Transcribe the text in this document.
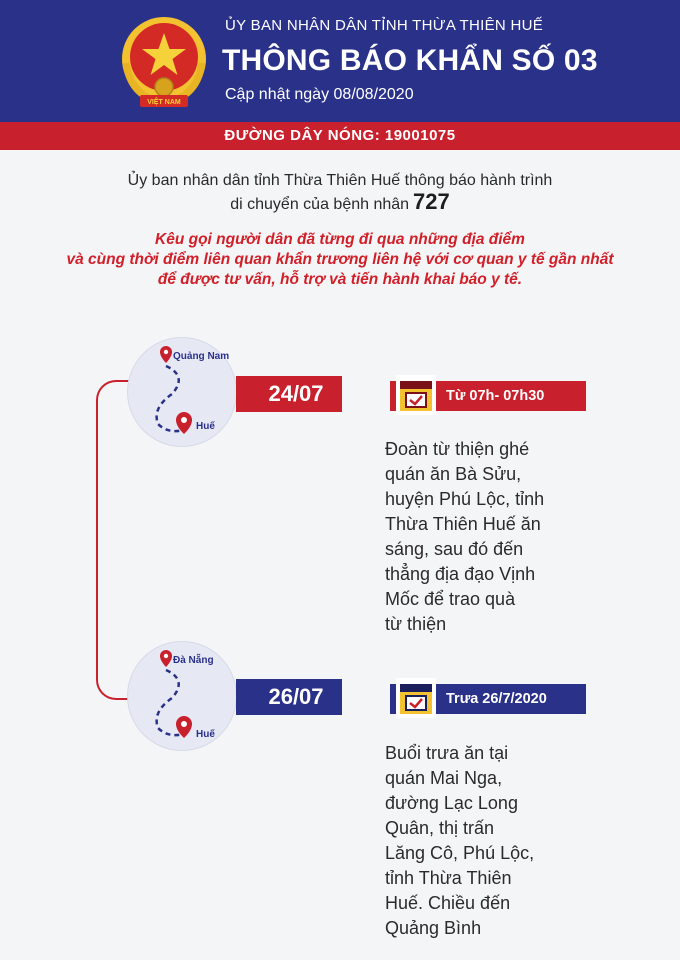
VIỆT NAM
ỦY BAN NHÂN DÂN TỈNH THỪA THIÊN HUẾ
THÔNG BÁO KHẨN SỐ 03
Cập nhật ngày 08/08/2020
ĐƯỜNG DÂY NÓNG: 19001075
Ủy ban nhân dân tỉnh Thừa Thiên Huế thông báo hành trình
di chuyển của bệnh nhân 727
Kêu gọi người dân đã từng đi qua những địa điểm
và cùng thời điểm liên quan khẩn trương liên hệ với cơ quan y tế gần nhất
để được tư vấn, hỗ trợ và tiến hành khai báo y tế.
Quảng Nam
Huế
24/07	Từ 07h- 07h30
Đoàn từ thiện ghé
quán ăn Bà Sửu,
huyện Phú Lộc, tỉnh
Thừa Thiên Huế ăn
sáng, sau đó đến
thẳng địa đạo Vịnh
Mốc để trao quà
từ thiện
Đà Nẵng
Huế
26/07	Trưa 26/7/2020
Buổi trưa ăn tại
quán Mai Nga,
đường Lạc Long
Quân, thị trấn
Lăng Cô, Phú Lộc,
tỉnh Thừa Thiên
Huế. Chiều đến
Quảng Bình
